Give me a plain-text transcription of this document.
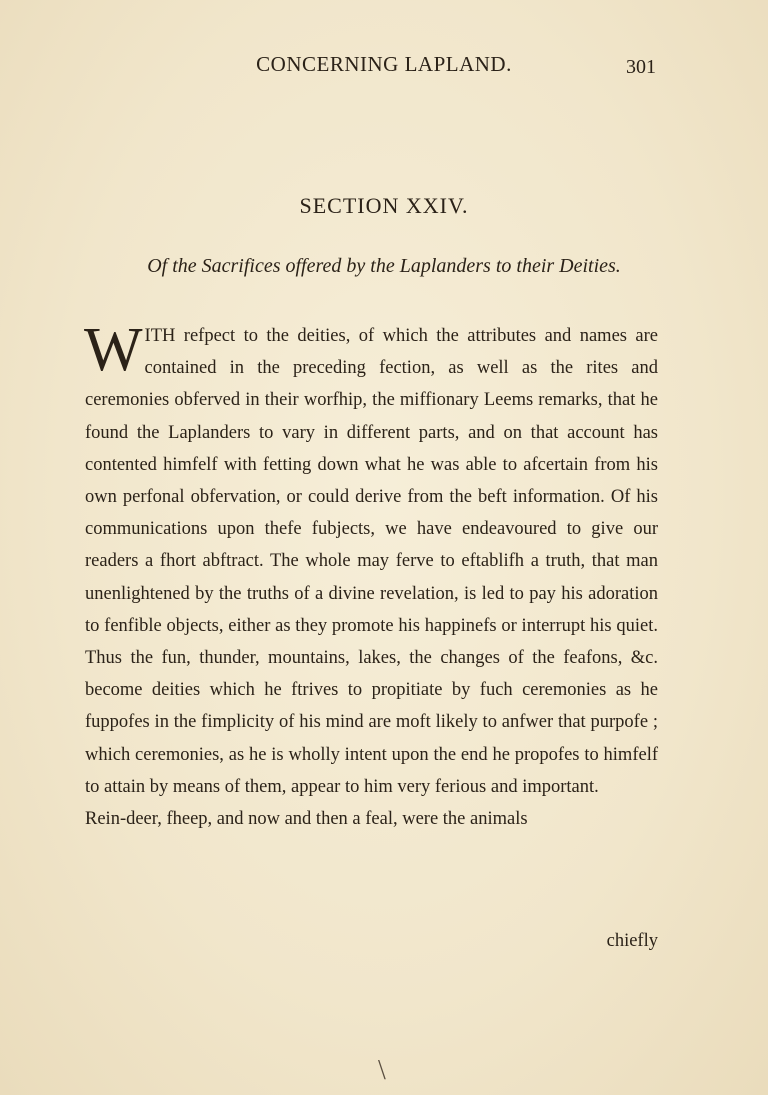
CONCERNING LAPLAND.	301
SECTION XXIV.
Of the Sacrifices offered by the Laplanders to their Deities.

WITH refpect to the deities, of which the attributes and names are contained in the preceding fection, as well as the rites and ceremonies obferved in their worfhip, the miffionary Leems remarks, that he found the Laplanders to vary in different parts, and on that account has contented himfelf with fetting down what he was able to afcertain from his own perfonal obfervation, or could derive from the beft information. Of his communications upon thefe fubjects, we have endeavoured to give our readers a fhort abftract. The whole may ferve to eftablifh a truth, that man unenlightened by the truths of a divine revelation, is led to pay his adoration to fenfible objects, either as they promote his happinefs or interrupt his quiet. Thus the fun, thunder, mountains, lakes, the changes of the feafons, &c. become deities which he ftrives to propitiate by fuch ceremonies as he fuppofes in the fimplicity of his mind are moft likely to anfwer that purpofe ; which ceremonies, as he is wholly intent upon the end he propofes to himfelf to attain by means of them, appear to him very ferious and important.

Rein-deer, fheep, and now and then a feal, were the animals

chiefly
\
